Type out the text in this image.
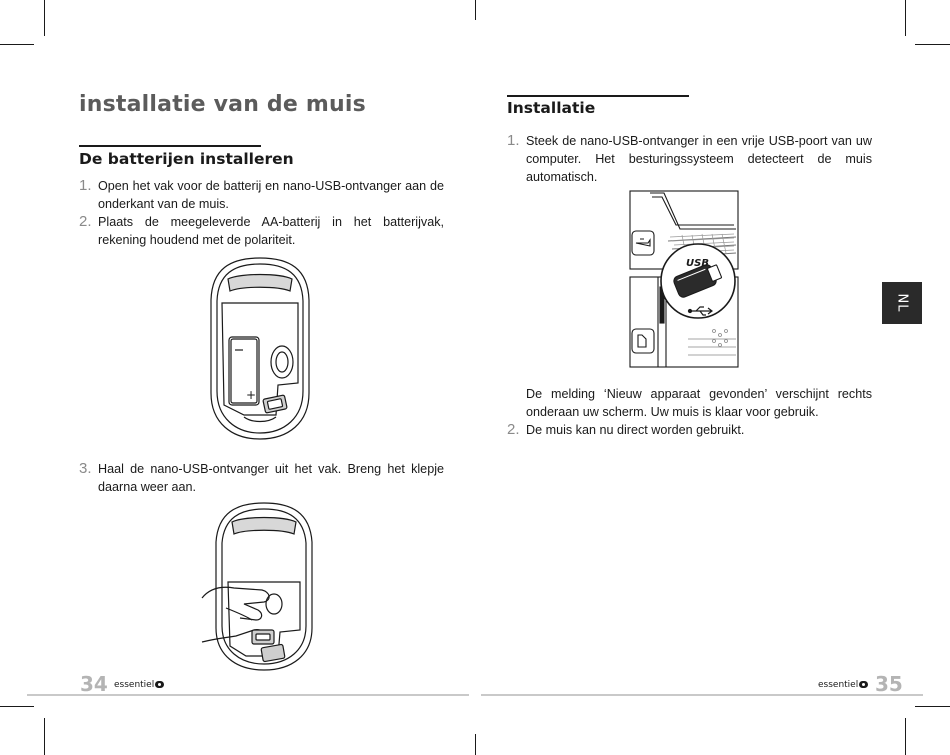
installatie van de muis
De batterijen installeren
1. Open het vak voor de batterij en nano-USB-ontvanger aan de onderkant van de muis.
2. Plaats de meegeleverde AA-batterij in het batterijvak, rekening houdend met de polariteit.
+
3. Haal de nano-USB-ontvanger uit het vak. Breng het klepje daarna weer aan.
34 essentiel
Installatie
1. Steek de nano-USB-ontvanger in een vrije USB-poort van uw computer. Het besturingssysteem detecteert de muis automatisch.
USB
De melding ‘Nieuw apparaat gevonden’ verschijnt rechts onderaan uw scherm. Uw muis is klaar voor gebruik.
2. De muis kan nu direct worden gebruikt.
NL
essentiel 35
